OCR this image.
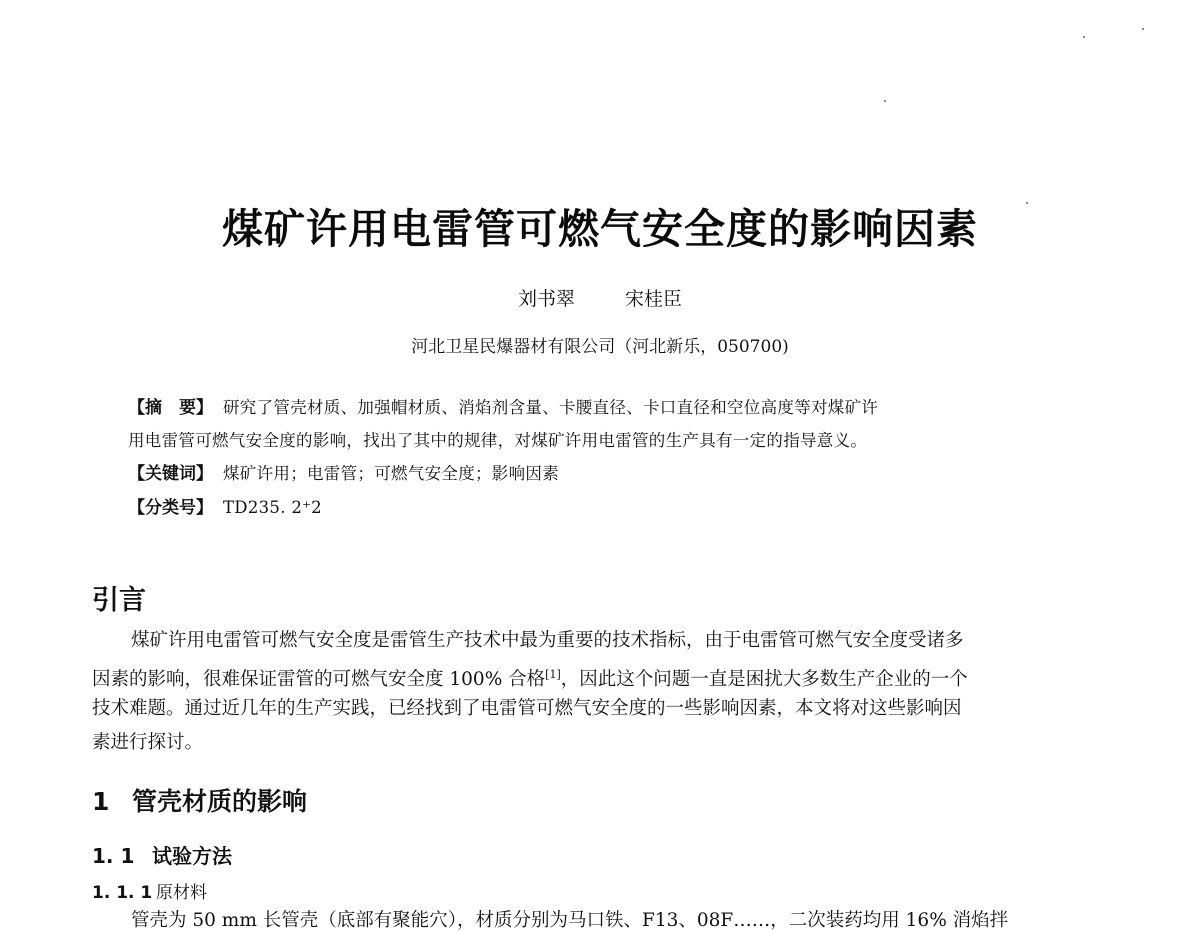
煤矿许用电雷管可燃气安全度的影响因素
刘书翠	宋桂臣
河北卫星民爆器材有限公司（河北新乐，050700)
【摘　要】 研究了管壳材质、加强帽材质、消焰剂含量、卡腰直径、卡口直径和空位高度等对煤矿许
用电雷管可燃气安全度的影响，找出了其中的规律，对煤矿许用电雷管的生产具有一定的指导意义。
【关键词】 煤矿许用；电雷管；可燃气安全度；影响因素
【分类号】 TD235. 2⁺2
引言
煤矿许用电雷管可燃气安全度是雷管生产技术中最为重要的技术指标，由于电雷管可燃气安全度受诸多
因素的影响，很难保证雷管的可燃气安全度 100% 合格[1]，因此这个问题一直是困扰大多数生产企业的一个
技术难题。通过近几年的生产实践，已经找到了电雷管可燃气安全度的一些影响因素，本文将对这些影响因
素进行探讨。
1 管壳材质的影响
1. 1 试验方法
1. 1. 1 原材料
管壳为 50 mm 长管壳（底部有聚能穴），材质分别为马口铁、F13、08F……，二次装药均用 16% 消焰拌
